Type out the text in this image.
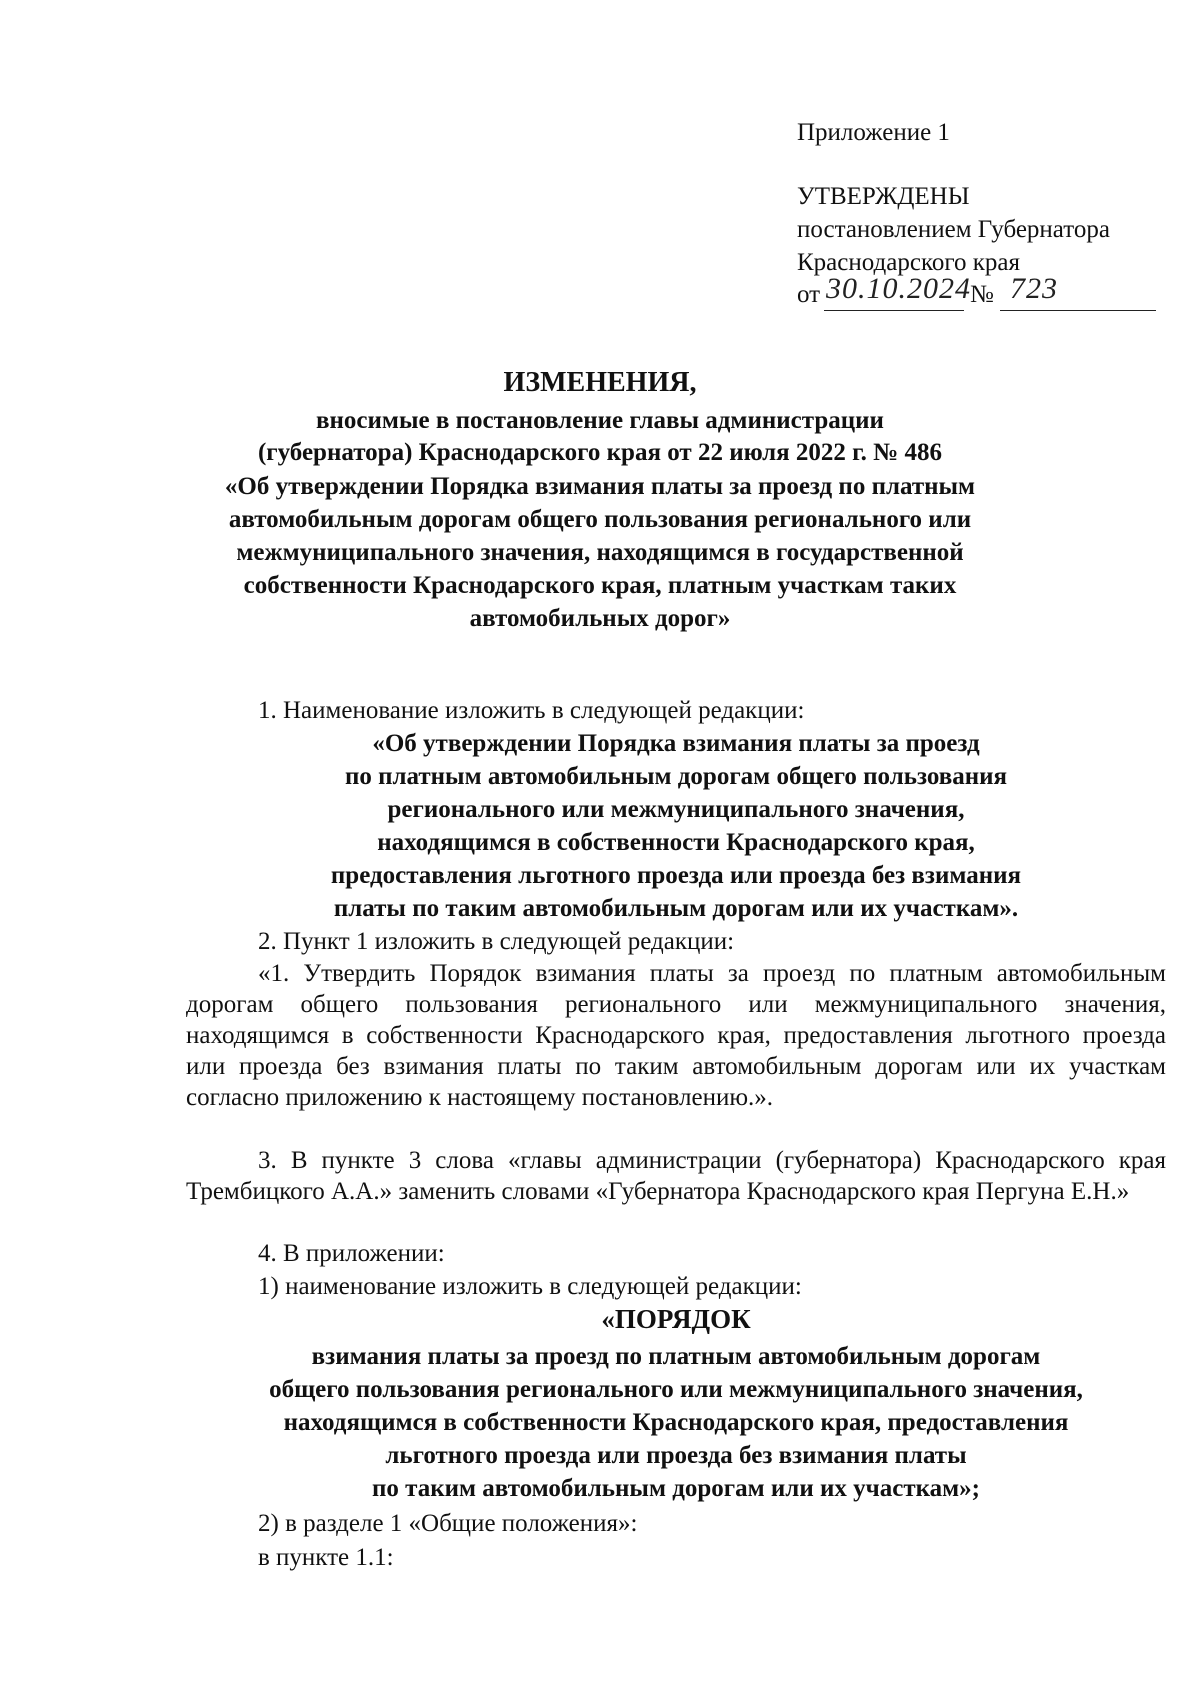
Приложение 1
УТВЕРЖДЕНЫ
постановлением Губернатора
Краснодарского края
от 30.10.2024 № 723
ИЗМЕНЕНИЯ,
вносимые в постановление главы администрации
(губернатора) Краснодарского края от 22 июля 2022 г. № 486
«Об утверждении Порядка взимания платы за проезд по платным
автомобильным дорогам общего пользования регионального или
межмуниципального значения, находящимся в государственной
собственности Краснодарского края, платным участкам таких
автомобильных дорог»
1. Наименование изложить в следующей редакции:
«Об утверждении Порядка взимания платы за проезд
по платным автомобильным дорогам общего пользования
регионального или межмуниципального значения,
находящимся в собственности Краснодарского края,
предоставления льготного проезда или проезда без взимания
платы по таким автомобильным дорогам или их участкам».
2. Пункт 1 изложить в следующей редакции:
«1. Утвердить Порядок взимания платы за проезд по платным автомобильным дорогам общего пользования регионального или межмуниципального значения, находящимся в собственности Краснодарского края, предоставления льготного проезда или проезда без взимания платы по таким автомобильным дорогам или их участкам согласно приложению к настоящему постановлению.».
3. В пункте 3 слова «главы администрации (губернатора) Краснодарского края Трембицкого А.А.» заменить словами «Губернатора Краснодарского края Пергуна Е.Н.»
4. В приложении:
1) наименование изложить в следующей редакции:
«ПОРЯДОК
взимания платы за проезд по платным автомобильным дорогам
общего пользования регионального или межмуниципального значения,
находящимся в собственности Краснодарского края, предоставления
льготного проезда или проезда без взимания платы
по таким автомобильным дорогам или их участкам»;
2) в разделе 1 «Общие положения»:
в пункте 1.1:
